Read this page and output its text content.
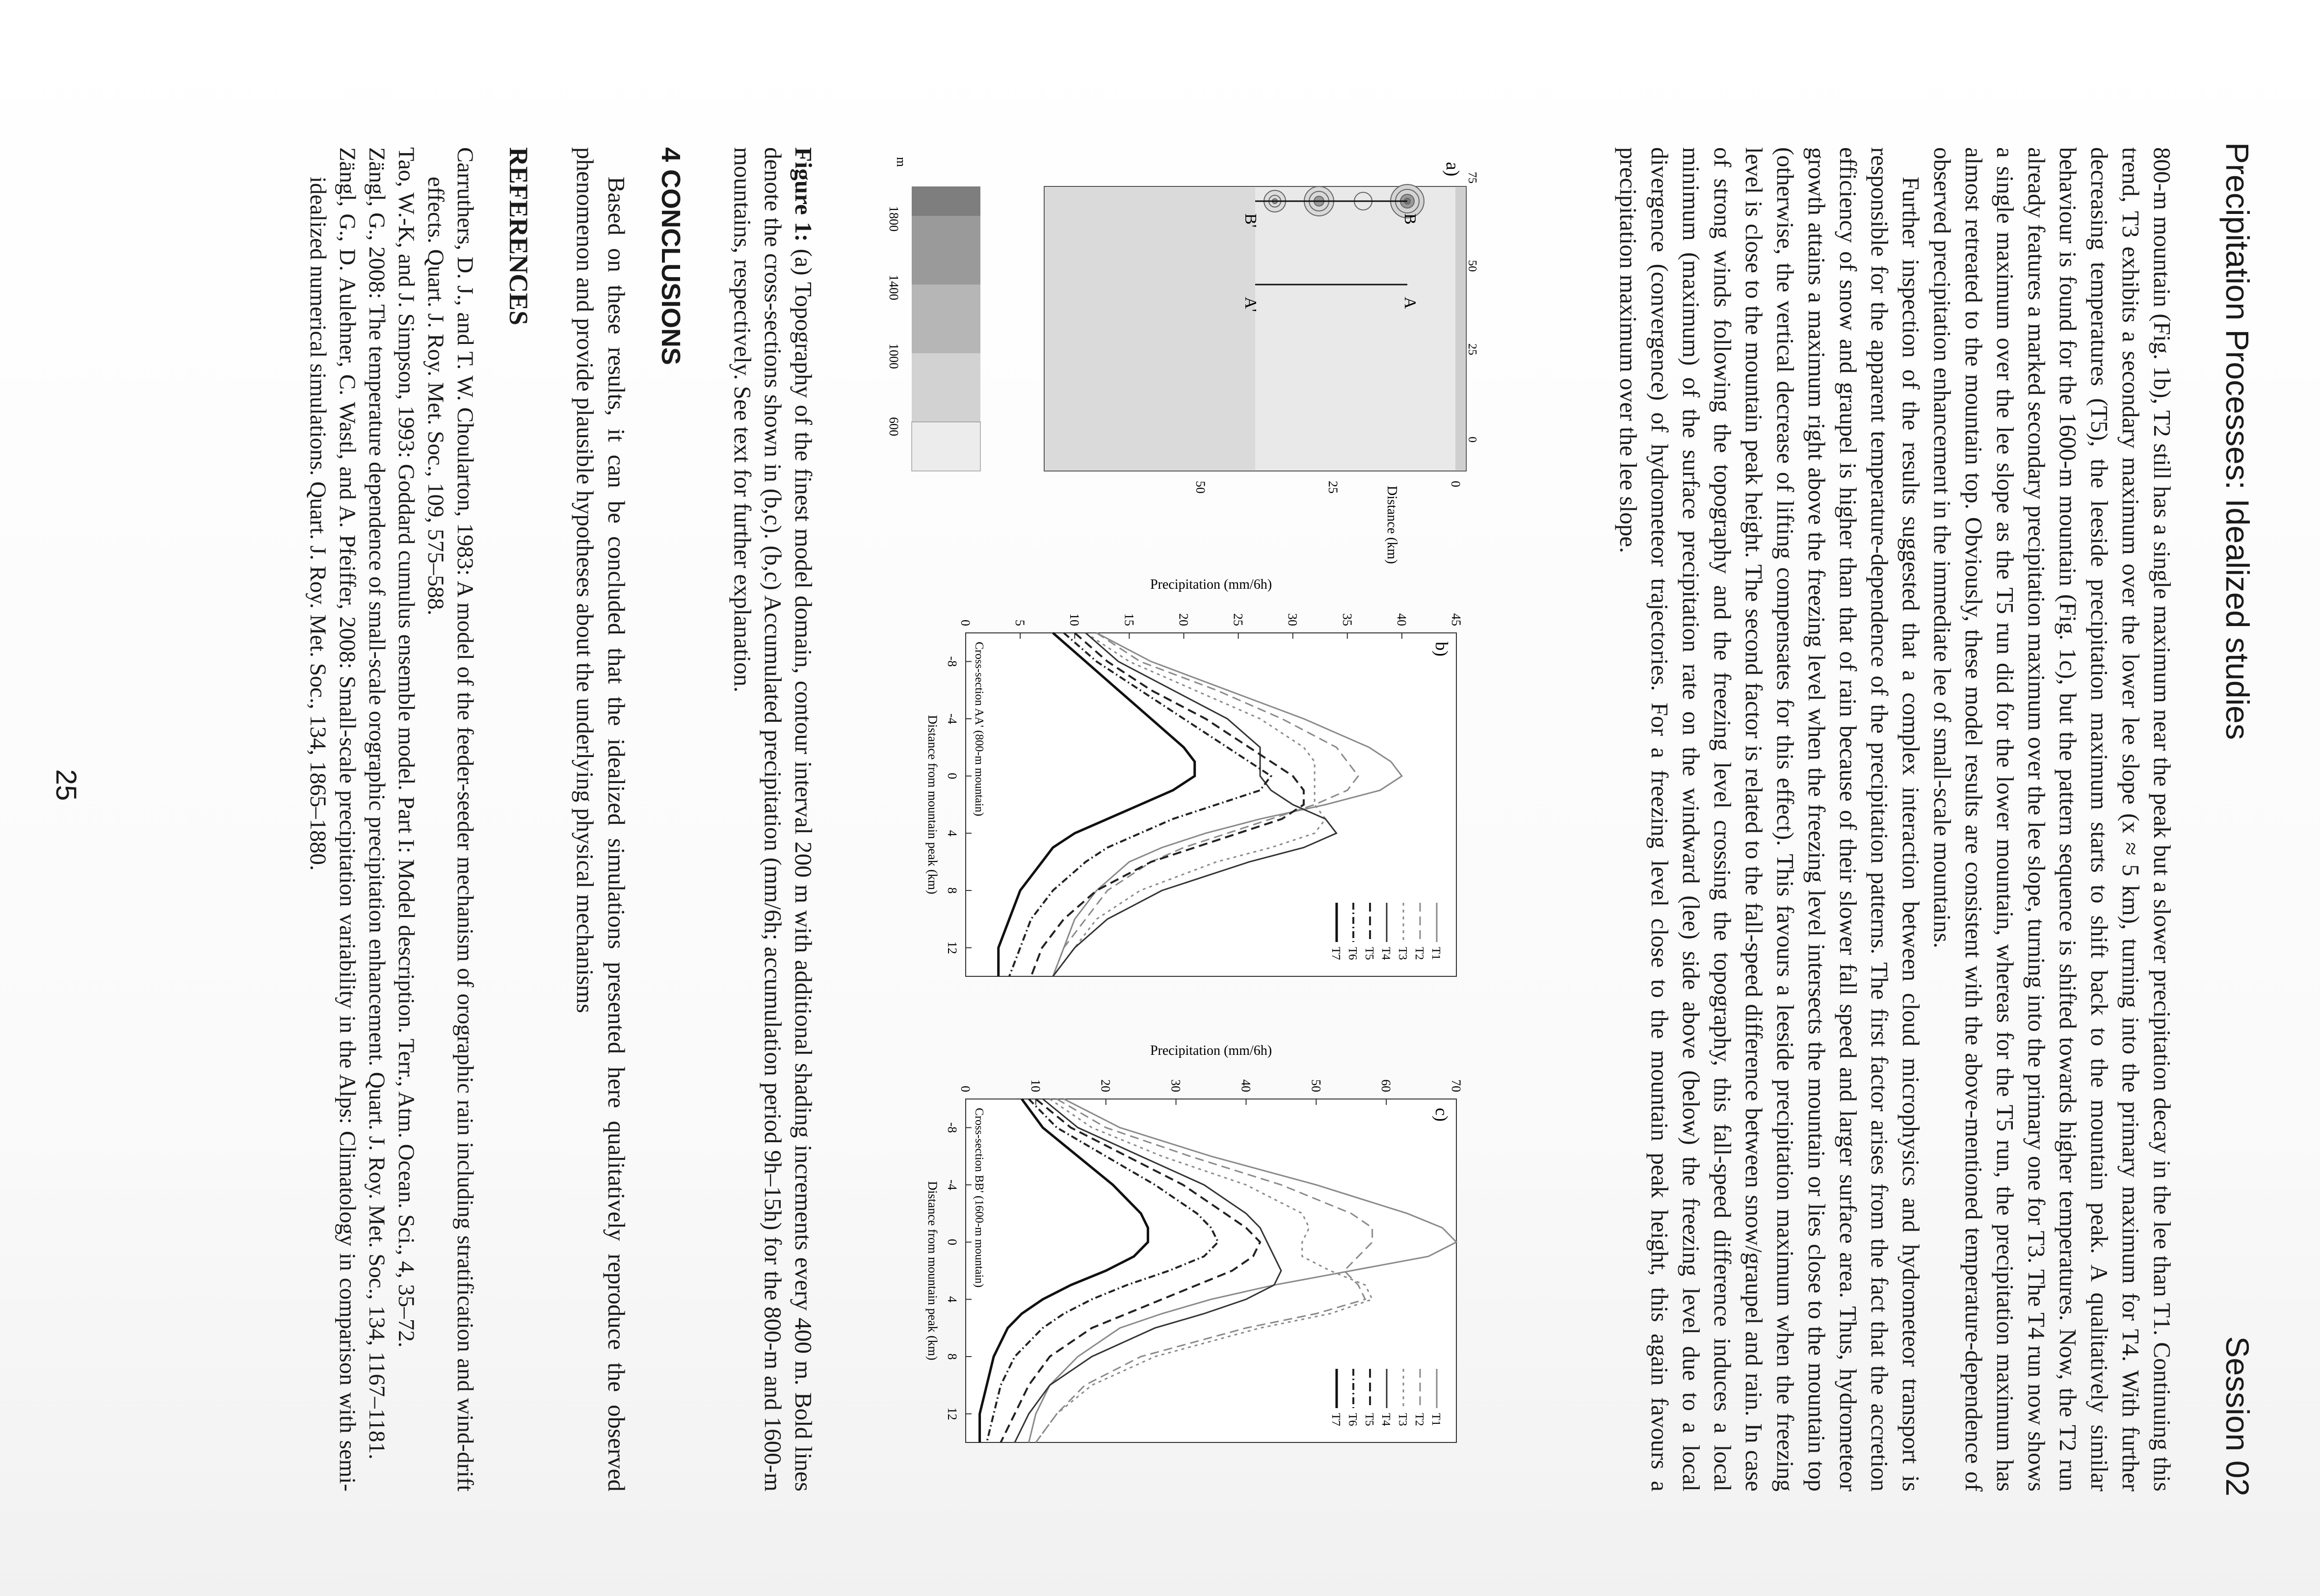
Precipitation Processes: Idealized studies
Session 02

800-m mountain (Fig. 1b), T2 still has a single maximum near the peak but a slower precipitation decay in the lee than T1. Continuing this trend, T3 exhibits a secondary maximum over the lower lee slope (x ≈ 5 km), turning into the primary maximum for T4. With further decreasing temperatures (T5), the leeside precipitation maximum starts to shift back to the mountain peak. A qualitatively similar behaviour is found for the 1600-m mountain (Fig. 1c), but the pattern sequence is shifted towards higher temperatures. Now, the T2 run already features a marked secondary precipitation maximum over the lee slope, turning into the primary one for T3. The T4 run now shows a single maximum over the lee slope as the T5 run did for the lower mountain, whereas for the T5 run, the precipitation maximum has almost retreated to the mountain top. Obviously, these model results are consistent with the above-mentioned temperature-dependence of observed precipitation enhancement in the immediate lee of small-scale mountains.

Further inspection of the results suggested that a complex interaction between cloud microphysics and hydrometeor transport is responsible for the apparent temperature-dependence of the precipitation patterns. The first factor arises from the fact that the accretion efficiency of snow and graupel is higher than that of rain because of their slower fall speed and larger surface area. Thus, hydrometeor growth attains a maximum right above the freezing level when the freezing level intersects the mountain or lies close to the mountain top (otherwise, the vertical decrease of lifting compensates for this effect). This favours a leeside precipitation maximum when the freezing level is close to the mountain peak height. The second factor is related to the fall-speed difference between snow/graupel and rain. In case of strong winds following the topography and the freezing level crossing the topography, this fall-speed difference induces a local minimum (maximum) of the surface precipitation rate on the windward (lee) side above (below) the freezing level due to a local divergence (convergence) of hydrometeor trajectories. For a freezing level close to the mountain peak height, this again favours a precipitation maximum over the lee slope.

B
B'
A
A'
a)
Distance (km)
0
25
50
0
25
50
75
m
1800
1400
1000
600
-8
-4
0
4
8
12
0	5	10	15	20	25	30	35	40	45
Distance from mountain peak (km)
Precipitation (mm/6h)
b)
Cross-section AA' (800-m mountain)
T1
T2
T3
T4
T5
T6
T7
-8
-4
0
4
8
12
0	10	20	30	40	50	60	70
Distance from mountain peak (km)
Precipitation (mm/6h)
c)
Cross-section BB' (1600-m mountain)
T1
T2
T3
T4
T5
T6
T7
Figure 1: (a) Topography of the finest model domain, contour interval 200 m with additional shading increments every 400 m. Bold lines denote the cross-sections shown in (b,c). (b,c) Accumulated precipitation (mm/6h; accumulation period 9h–15h) for the 800-m and 1600-m mountains, respectively. See text for further explanation.
4 CONCLUSIONS
Based on these results, it can be concluded that the idealized simulations presented here qualitatively reproduce the observed phenomenon and provide plausible hypotheses about the underlying physical mechanisms
REFERENCES

Carruthers, D. J., and T. W. Choularton, 1983: A model of the feeder-seeder mechanism of orographic rain including stratification and wind-drift effects. Quart. J. Roy. Met. Soc., 109, 575–588.

Tao, W.-K, and J. Simpson, 1993: Goddard cumulus ensemble model. Part I: Model description. Terr., Atm. Ocean. Sci., 4, 35–72.

Zängl, G., 2008: The temperature dependence of small-scale orographic precipitation enhancement. Quart. J. Roy. Met. Soc., 134, 1167–1181.

Zängl, G., D. Aulehner, C. Wastl, and A. Pfeiffer, 2008: Small-scale precipitation variability in the Alps: Climatology in comparison with semi-idealized numerical simulations. Quart. J. Roy. Met. Soc., 134, 1865–1880.

25
